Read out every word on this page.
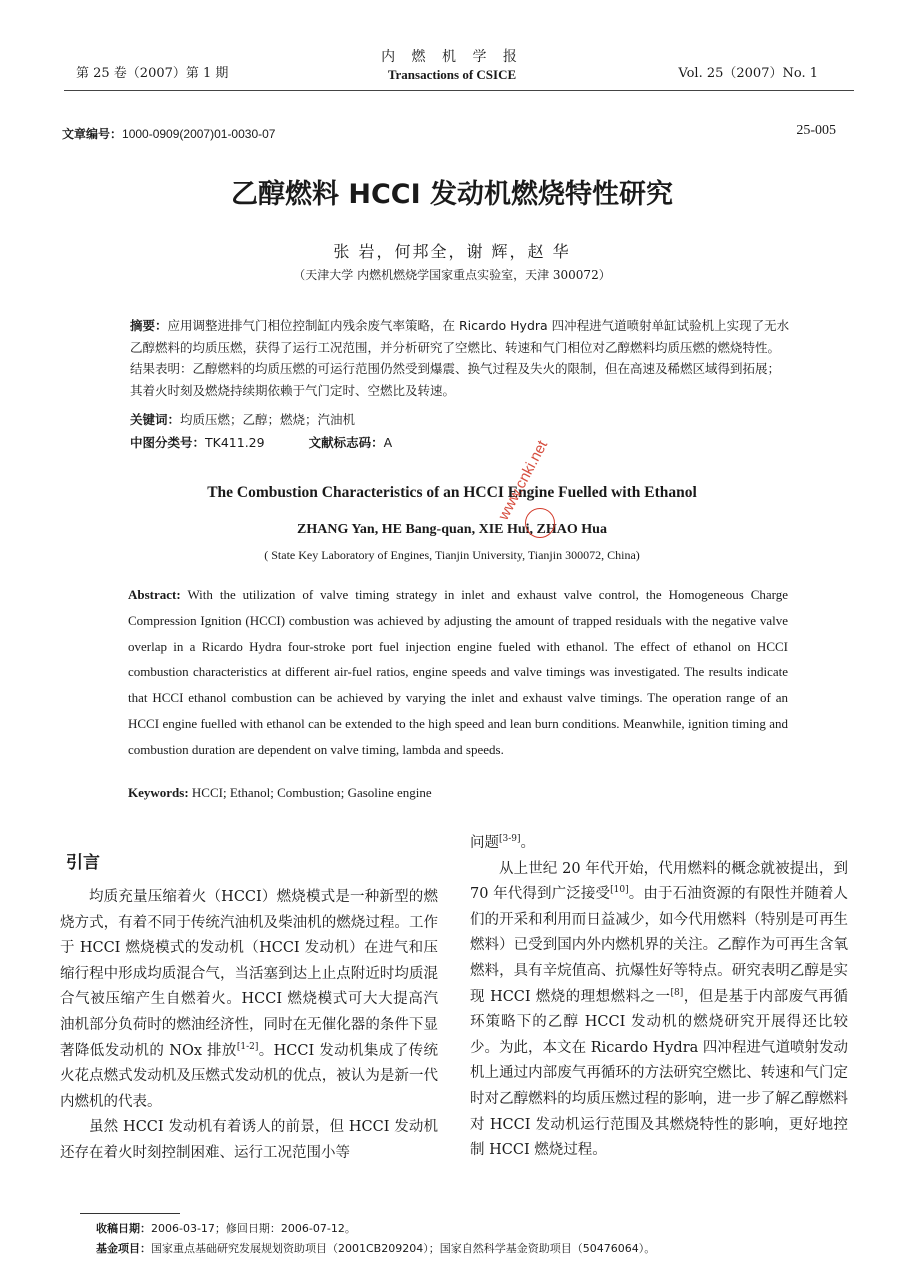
第 25 卷（2007）第 1 期
内 燃 机 学 报
Transactions of CSICE	Vol. 25（2007）No. 1
文章编号：1000-0909(2007)01-0030-07	25-005
乙醇燃料 HCCI 发动机燃烧特性研究
张 岩，何邦全，谢 辉，赵 华
（天津大学 内燃机燃烧学国家重点实验室，天津 300072）
摘要：应用调整进排气门相位控制缸内残余废气率策略，在 Ricardo Hydra 四冲程进气道喷射单缸试验机上实现了无水乙醇燃料的均质压燃，获得了运行工况范围，并分析研究了空燃比、转速和气门相位对乙醇燃料均质压燃的燃烧特性。结果表明：乙醇燃料的均质压燃的可运行范围仍然受到爆震、换气过程及失火的限制，但在高速及稀燃区域得到拓展；其着火时刻及燃烧持续期依赖于气门定时、空燃比及转速。
关键词：均质压燃；乙醇；燃烧；汽油机
中图分类号：TK411.29	文献标志码：A
The Combustion Characteristics of an HCCI Engine Fuelled with Ethanol
ZHANG Yan, HE Bang-quan, XIE Hui, ZHAO Hua
( State Key Laboratory of Engines, Tianjin University, Tianjin 300072, China)
Abstract: With the utilization of valve timing strategy in inlet and exhaust valve control, the Homogeneous Charge Compression Ignition (HCCI) combustion was achieved by adjusting the amount of trapped residuals with the negative valve overlap in a Ricardo Hydra four-stroke port fuel injection engine fueled with ethanol. The effect of ethanol on HCCI combustion characteristics at different air-fuel ratios, engine speeds and valve timings was investigated. The results indicate that HCCI ethanol combustion can be achieved by varying the inlet and exhaust valve timings. The operation range of an HCCI engine fuelled with ethanol can be extended to the high speed and lean burn conditions. Meanwhile, ignition timing and combustion duration are dependent on valve timing, lambda and speeds.
Keywords: HCCI; Ethanol; Combustion; Gasoline engine
引言

均质充量压缩着火（HCCI）燃烧模式是一种新型的燃烧方式，有着不同于传统汽油机及柴油机的燃烧过程。工作于 HCCI 燃烧模式的发动机（HCCI 发动机）在进气和压缩行程中形成均质混合气，当活塞到达上止点附近时均质混合气被压缩产生自燃着火。HCCI 燃烧模式可大大提高汽油机部分负荷时的燃油经济性，同时在无催化器的条件下显著降低发动机的 NOx 排放[1-2]。HCCI 发动机集成了传统火花点燃式发动机及压燃式发动机的优点，被认为是新一代内燃机的代表。

虽然 HCCI 发动机有着诱人的前景，但 HCCI 发动机还存在着火时刻控制困难、运行工况范围小等

问题[3-9]。

从上世纪 20 年代开始，代用燃料的概念就被提出，到 70 年代得到广泛接受[10]。由于石油资源的有限性并随着人们的开采和利用而日益减少，如今代用燃料（特别是可再生燃料）已受到国内外内燃机界的关注。乙醇作为可再生含氧燃料，具有辛烷值高、抗爆性好等特点。研究表明乙醇是实现 HCCI 燃烧的理想燃料之一[8]，但是基于内部废气再循环策略下的乙醇 HCCI 发动机的燃烧研究开展得还比较少。为此，本文在 Ricardo Hydra 四冲程进气道喷射发动机上通过内部废气再循环的方法研究空燃比、转速和气门定时对乙醇燃料的均质压燃过程的影响，进一步了解乙醇燃料对 HCCI 发动机运行范围及其燃烧特性的影响，更好地控制 HCCI 燃烧过程。

收稿日期：2006-03-17；修回日期：2006-07-12。
基金项目：国家重点基础研究发展规划资助项目（2001CB209204）；国家自然科学基金资助项目（50476064）。
www.cnki.net
